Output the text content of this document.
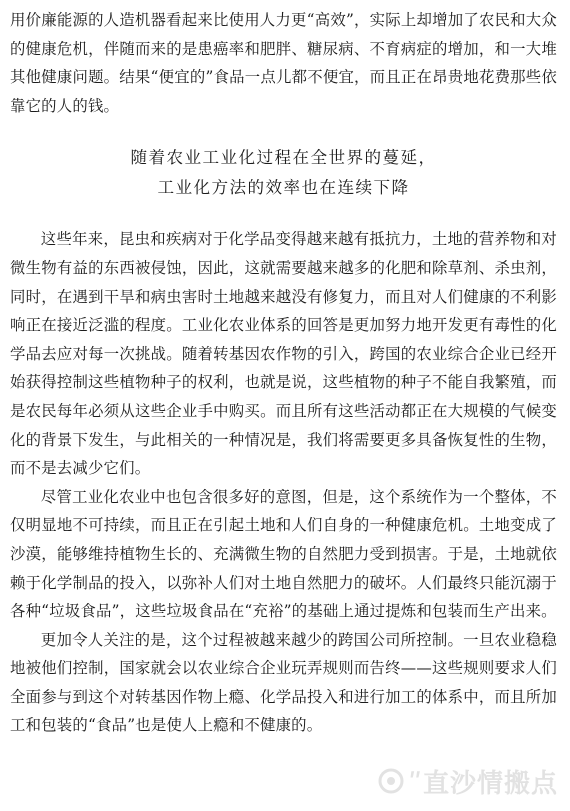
用价廉能源的人造机器看起来比使用人力更“高效”，实际上却增加了农民和大众的健康危机，伴随而来的是患癌率和肥胖、糖尿病、不育病症的增加，和一大堆其他健康问题。结果“便宜的”食品一点儿都不便宜，而且正在昂贵地花费那些依靠它的人的钱。

随着农业工业化过程在全世界的蔓延，
工业化方法的效率也在连续下降

这些年来，昆虫和疾病对于化学品变得越来越有抵抗力，土地的营养物和对微生物有益的东西被侵蚀，因此，这就需要越来越多的化肥和除草剂、杀虫剂，同时，在遇到干旱和病虫害时土地越来越没有修复力，而且对人们健康的不利影响正在接近泛滥的程度。工业化农业体系的回答是更加努力地开发更有毒性的化学品去应对每一次挑战。随着转基因农作物的引入，跨国的农业综合企业已经开始获得控制这些植物种子的权利，也就是说，这些植物的种子不能自我繁殖，而是农民每年必须从这些企业手中购买。而且所有这些活动都正在大规模的气候变化的背景下发生，与此相关的一种情况是，我们将需要更多具备恢复性的生物，而不是去减少它们。

尽管工业化农业中也包含很多好的意图，但是，这个系统作为一个整体，不仅明显地不可持续，而且正在引起土地和人们自身的一种健康危机。土地变成了沙漠，能够维持植物生长的、充满微生物的自然肥力受到损害。于是，土地就依赖于化学制品的投入，以弥补人们对土地自然肥力的破坏。人们最终只能沉溺于各种“垃圾食品”，这些垃圾食品在“充裕”的基础上通过提炼和包装而生产出来。

更加令人关注的是，这个过程被越来越少的跨国公司所控制。一旦农业稳稳地被他们控制，国家就会以农业综合企业玩弄规则而告终——这些规则要求人们全面参与到这个对转基因作物上瘾、化学品投入和进行加工的体系中，而且所加工和包装的“食品”也是使人上瘾和不健康的。

ʺ直沙情搬点
